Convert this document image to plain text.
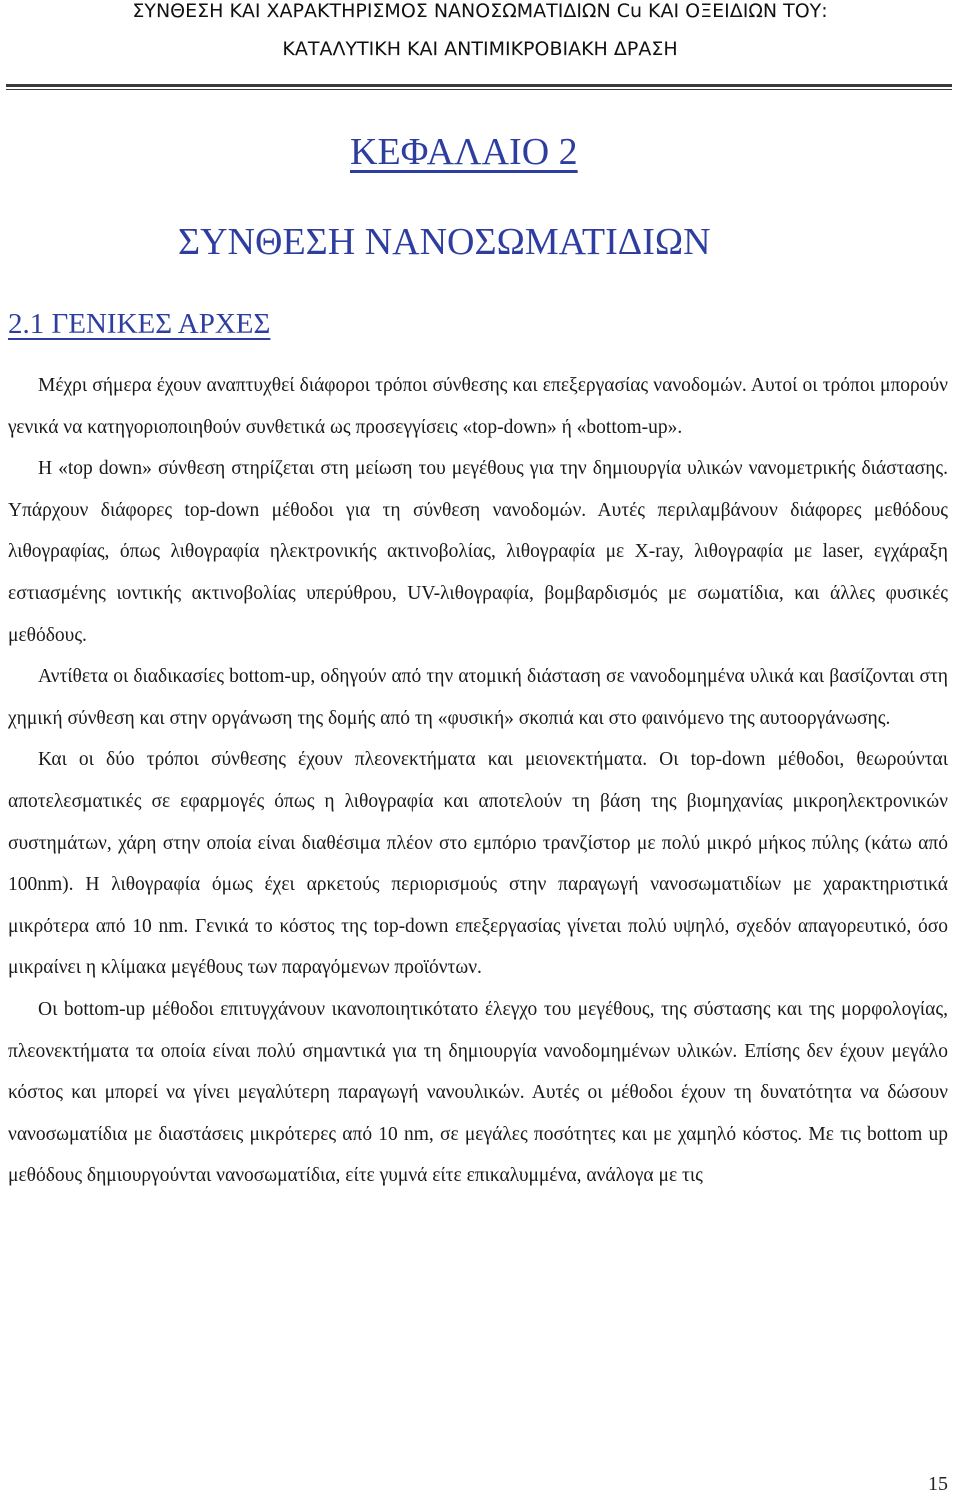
ΣΥΝΘΕΣΗ ΚΑΙ ΧΑΡΑΚΤΗΡΙΣΜΟΣ ΝΑΝΟΣΩΜΑΤΙΔΙΩΝ Cu ΚΑΙ ΟΞΕΙΔΙΩΝ ΤΟΥ:
ΚΑΤΑΛΥΤΙΚΗ ΚΑΙ ΑΝΤΙΜΙΚΡΟΒΙΑΚΗ ΔΡΑΣΗ
ΚΕΦΑΛΑΙΟ 2
ΣΥΝΘΕΣΗ ΝΑΝΟΣΩΜΑΤΙΔΙΩΝ
2.1 ΓΕΝΙΚΕΣ ΑΡΧΕΣ

Μέχρι σήμερα έχουν αναπτυχθεί διάφοροι τρόποι σύνθεσης και επεξεργασίας νανοδομών. Αυτοί οι τρόποι μπορούν γενικά να κατηγοριοποιηθούν συνθετικά ως προσεγγίσεις «top-down» ή «bottom-up».

Η «top down» σύνθεση στηρίζεται στη μείωση του μεγέθους για την δημιουργία υλικών νανομετρικής διάστασης. Υπάρχουν διάφορες top-down μέθοδοι για τη σύνθεση νανοδομών. Αυτές περιλαμβάνουν διάφορες μεθόδους λιθογραφίας, όπως λιθογραφία ηλεκτρονικής ακτινοβολίας, λιθογραφία με X-ray, λιθογραφία με laser, εγχάραξη εστιασμένης ιοντικής ακτινοβολίας υπερύθρου, UV-λιθογραφία, βομβαρδισμός με σωματίδια, και άλλες φυσικές μεθόδους.

Αντίθετα οι διαδικασίες bottom-up, οδηγούν από την ατομική διάσταση σε νανοδομημένα υλικά και βασίζονται στη χημική σύνθεση και στην οργάνωση της δομής από τη «φυσική» σκοπιά και στο φαινόμενο της αυτοοργάνωσης.

Και οι δύο τρόποι σύνθεσης έχουν πλεονεκτήματα και μειονεκτήματα. Οι top-down μέθοδοι, θεωρούνται αποτελεσματικές σε εφαρμογές όπως η λιθογραφία και αποτελούν τη βάση της βιομηχανίας μικροηλεκτρονικών συστημάτων, χάρη στην οποία είναι διαθέσιμα πλέον στο εμπόριο τρανζίστορ με πολύ μικρό μήκος πύλης (κάτω από 100nm). Η λιθογραφία όμως έχει αρκετούς περιορισμούς στην παραγωγή νανοσωματιδίων με χαρακτηριστικά μικρότερα από 10 nm. Γενικά το κόστος της top-down επεξεργασίας γίνεται πολύ υψηλό, σχεδόν απαγορευτικό, όσο μικραίνει η κλίμακα μεγέθους των παραγόμενων προϊόντων.

Οι bottom-up μέθοδοι επιτυγχάνουν ικανοποιητικότατο έλεγχο του μεγέθους, της σύστασης και της μορφολογίας, πλεονεκτήματα τα οποία είναι πολύ σημαντικά για τη δημιουργία νανοδομημένων υλικών. Επίσης δεν έχουν μεγάλο κόστος και μπορεί να γίνει μεγαλύτερη παραγωγή νανουλικών. Αυτές οι μέθοδοι έχουν τη δυνατότητα να δώσουν νανοσωματίδια με διαστάσεις μικρότερες από 10 nm, σε μεγάλες ποσότητες και με χαμηλό κόστος. Με τις bottom up μεθόδους δημιουργούνται νανοσωματίδια, είτε γυμνά είτε επικαλυμμένα, ανάλογα με τις

15
